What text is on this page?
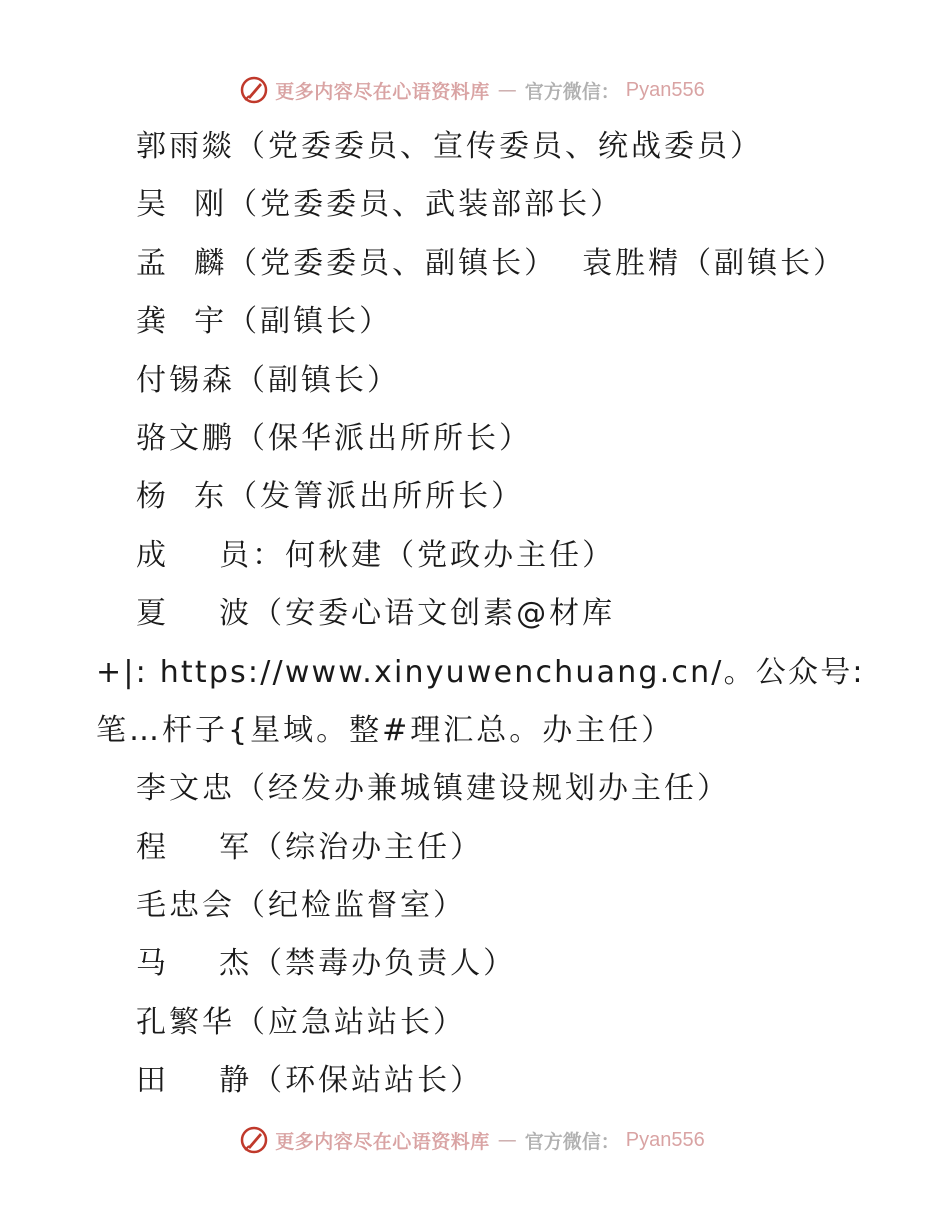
更多内容尽在心语资料库 — 官方微信： Pyan556
郭雨燚（党委委员、宣传委员、统战委员）
吴  刚（党委委员、武装部部长）
孟  麟（党委委员、副镇长）  袁胜精（副镇长）
龚  宇（副镇长）
付锡森（副镇长）
骆文鹏（保华派出所所长）
杨  东（发箐派出所所长）
成    员：何秋建（党政办主任）
夏    波（安委心语文创素@材库
+|: https://www.xinyuwenchuang.cn/。公众号:
笔…杆子{星域。整#理汇总。办主任）
李文忠（经发办兼城镇建设规划办主任）
程    军（综治办主任）
毛忠会（纪检监督室）
马    杰（禁毒办负责人）
孔繁华（应急站站长）
田    静（环保站站长）
更多内容尽在心语资料库 — 官方微信： Pyan556
